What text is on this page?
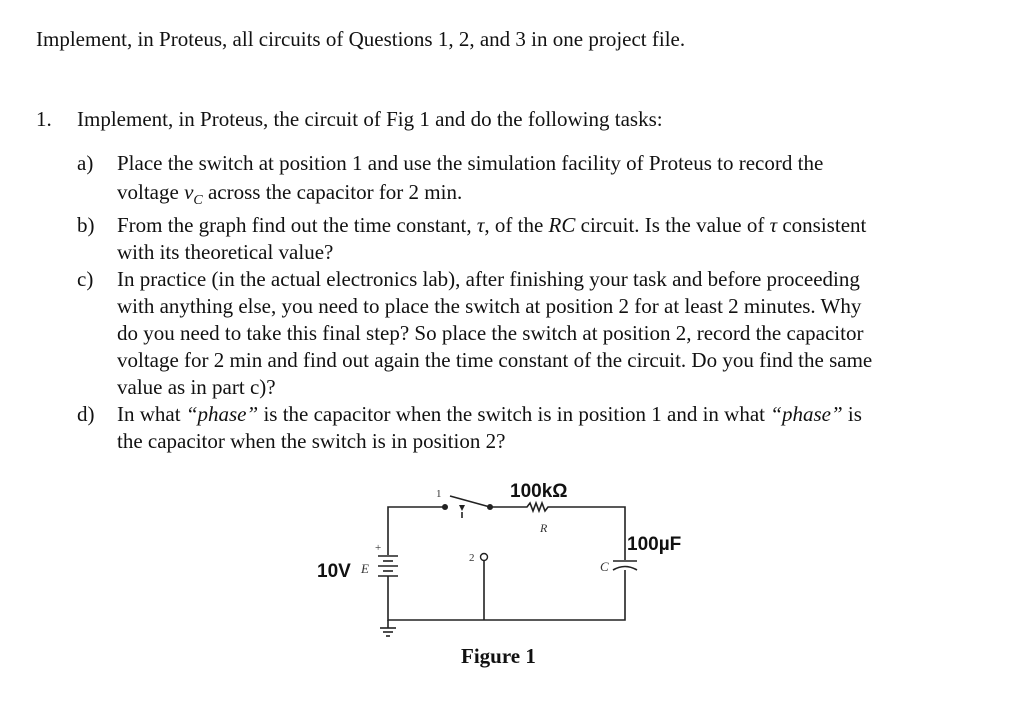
Implement, in Proteus, all circuits of Questions 1, 2, and 3 in one project file.
1. Implement, in Proteus, the circuit of Fig 1 and do the following tasks:
a) Place the switch at position 1 and use the simulation facility of Proteus to record the
voltage $v_C$ across the capacitor for 2 min.
b) From the graph find out the time constant, τ, of the RC circuit. Is the value of τ consistent
with its theoretical value?
c) In practice (in the actual electronics lab), after finishing your task and before proceeding
with anything else, you need to place the switch at position 2 for at least 2 minutes. Why
do you need to take this final step? So place the switch at position 2, record the capacitor
voltage for 2 min and find out again the time constant of the circuit. Do you find the same
value as in part c)?
d) In what “phase” is the capacitor when the switch is in position 1 and in what “phase” is
the capacitor when the switch is in position 2?
1
2
100kΩ
R
100µF
C
10V E
+
Figure 1
